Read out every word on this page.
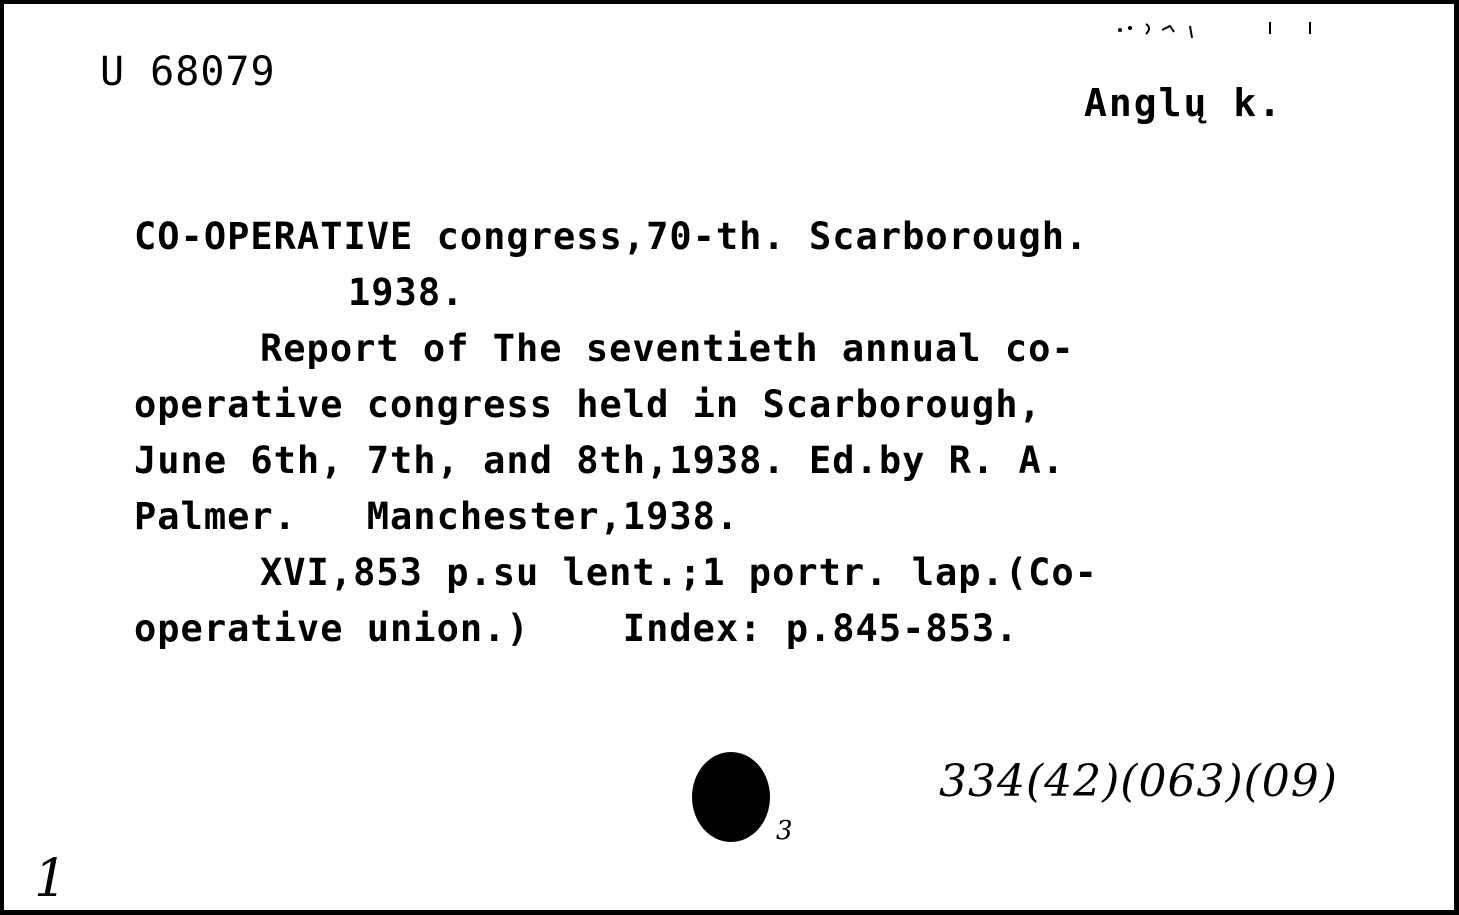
U 68079
Anglų k.
CO-OPERATIVE congress,70-th. Scarborough.
1938.
Report of The seventieth annual co-
operative congress held in Scarborough,
June 6th, 7th, and 8th,1938. Ed.by R. A.
Palmer.   Manchester,1938.
XVI,853 p.su lent.;1 portr. lap.(Co-
operative union.)    Index: p.845-853.
3
334(42)(063)(09)
1
